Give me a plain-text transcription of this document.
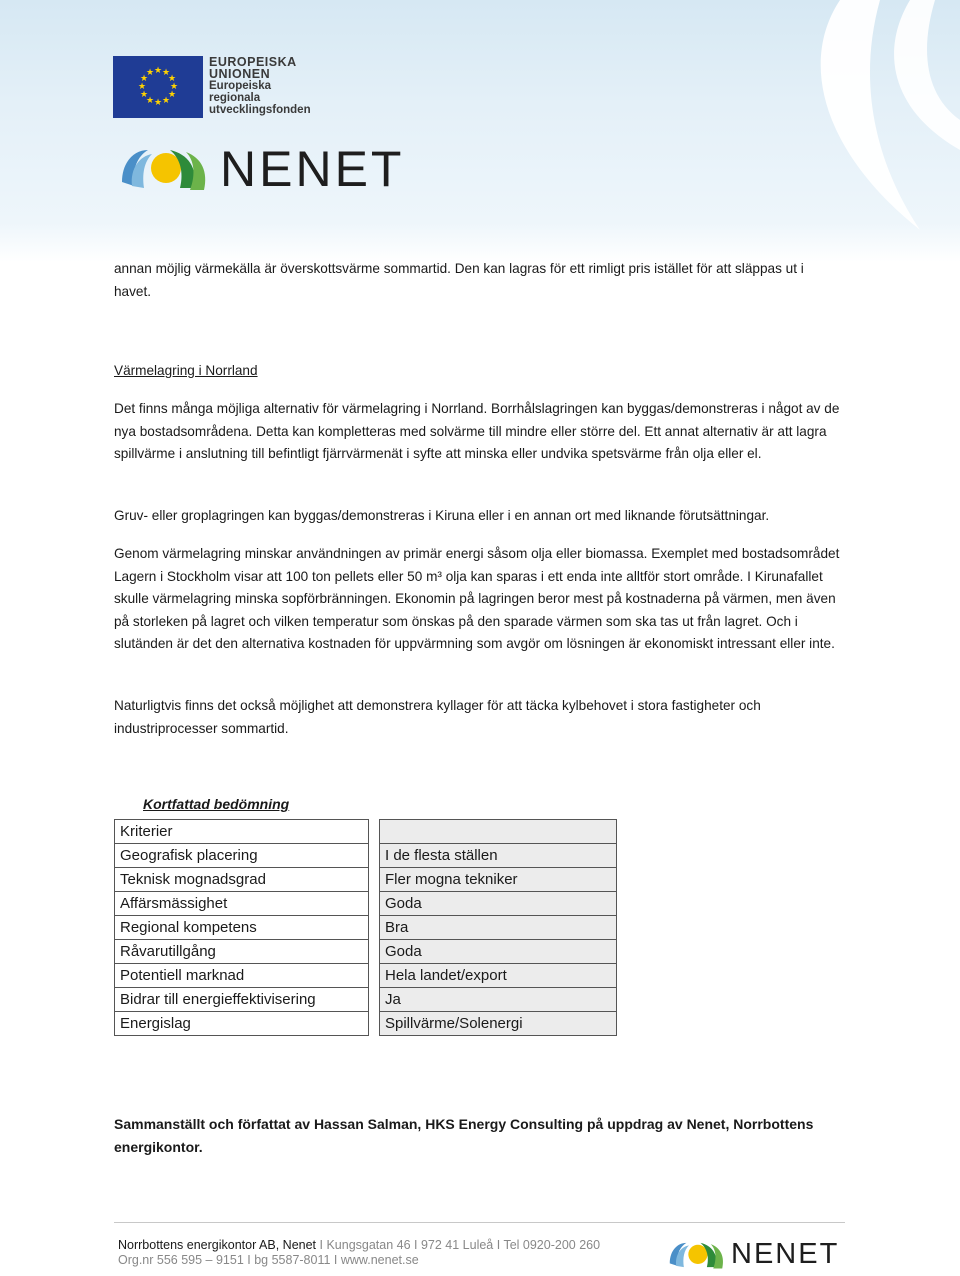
★ ★
★
★
★
★
★
★
★
★
★
★
EUROPEISKA
UNIONEN
Europeiska
regionala
utvecklingsfonden
NENET
annan möjlig värmekälla är överskottsvärme sommartid. Den kan lagras för ett rimligt pris istället för att släppas ut i havet.
Värmelagring i Norrland
Det finns många möjliga alternativ för värmelagring i Norrland. Borrhålslagringen kan byggas/demonstreras i något av de nya bostadsområdena. Detta kan kompletteras med solvärme till mindre eller större del. Ett annat alternativ är att lagra spillvärme i anslutning till befintligt fjärrvärmenät i syfte att minska eller undvika spetsvärme från olja eller el.
Gruv- eller groplagringen kan byggas/demonstreras i Kiruna eller i en annan ort med liknande förutsättningar.
Genom värmelagring minskar användningen av primär energi såsom olja eller biomassa. Exemplet med bostadsområdet Lagern i Stockholm visar att 100 ton pellets eller 50 m³ olja kan sparas i ett enda inte alltför stort område. I Kirunafallet skulle värmelagring minska sopförbränningen. Ekonomin på lagringen beror mest på kostnaderna på värmen, men även på storleken på lagret och vilken temperatur som önskas på den sparade värmen som ska tas ut från lagret. Och i slutänden är det den alternativa kostnaden för uppvärmning som avgör om lösningen är ekonomiskt intressant eller inte.
Naturligtvis finns det också möjlighet att demonstrera kyllager för att täcka kylbehovet i stora fastigheter och industriprocesser sommartid.
Kortfattad bedömning
Kriterier		
Geografisk placering		I de flesta ställen
Teknisk mognadsgrad		Fler mogna tekniker
Affärsmässighet		Goda
Regional kompetens		Bra
Råvarutillgång		Goda
Potentiell marknad		Hela landet/export
Bidrar till energieffektivisering		Ja
Energislag		Spillvärme/Solenergi
Sammanställt och författat av Hassan Salman, HKS Energy Consulting på uppdrag av Nenet, Norrbottens energikontor.
Norrbottens energikontor AB, Nenet I Kungsgatan 46 I 972 41 Luleå I Tel 0920-200 260
Org.nr 556 595 – 9151 I bg 5587-8011 I www.nenet.se	NENET
